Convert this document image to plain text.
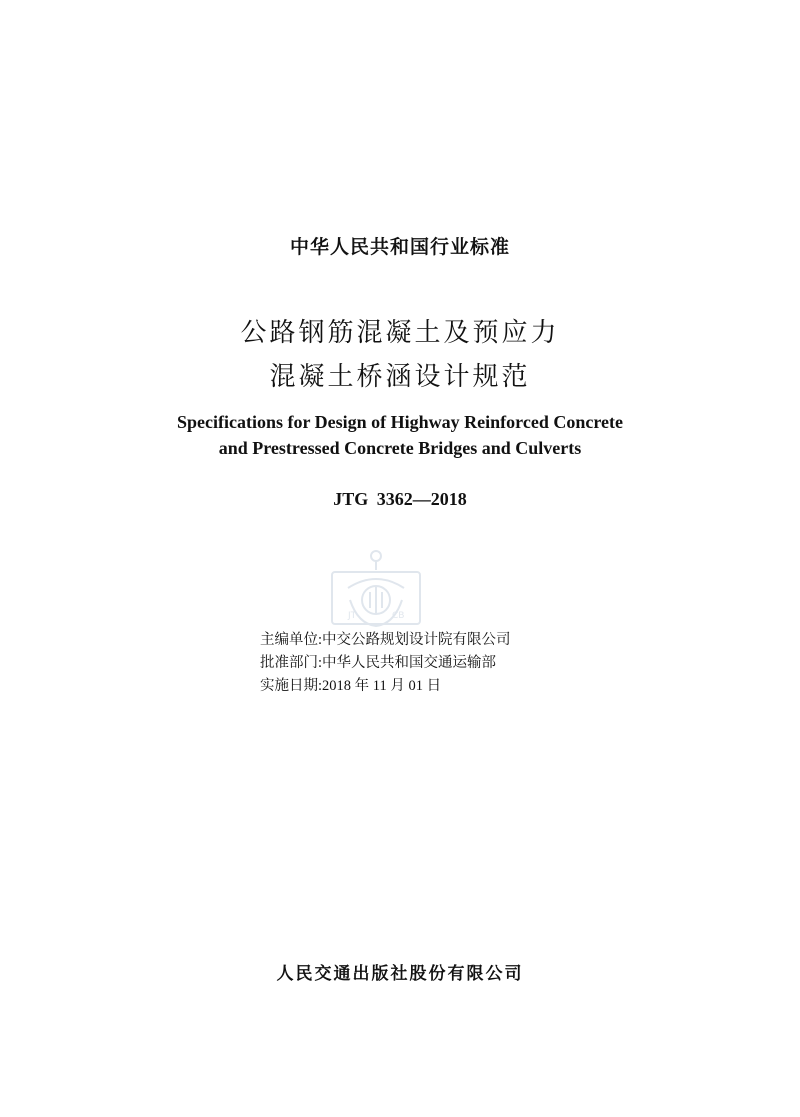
中华人民共和国行业标准
公路钢筋混凝土及预应力
混凝土桥涵设计规范
Specifications for Design of Highway Reinforced Concrete
and Prestressed Concrete Bridges and Culverts
JTG 3362—2018
JT	CB
主编单位:中交公路规划设计院有限公司
批准部门:中华人民共和国交通运输部
实施日期:2018 年 11 月 01 日
人民交通出版社股份有限公司
